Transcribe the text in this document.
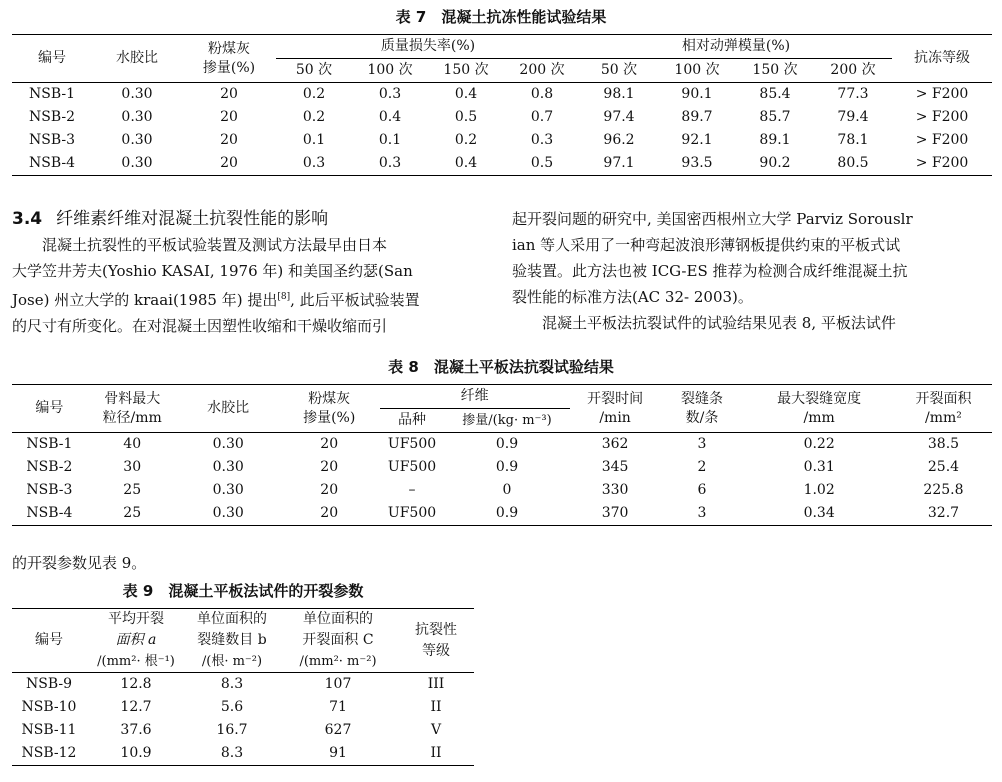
表 7　混凝土抗冻性能试验结果
编号	水胶比	粉煤灰
掺量(%)	质量损失率(%)				相对动弹模量(%)				抗冻等级
			50 次	100 次	150 次	200 次	50 次	100 次	150 次	200 次	
NSB-1	0.30	20	0.2	0.3	0.4	0.8	98.1	90.1	85.4	77.3	> F200
NSB-2	0.30	20	0.2	0.4	0.5	0.7	97.4	89.7	85.7	79.4	> F200
NSB-3	0.30	20	0.1	0.1	0.2	0.3	96.2	92.1	89.1	78.1	> F200
NSB-4	0.30	20	0.3	0.3	0.4	0.5	97.1	93.5	90.2	80.5	> F200
3.4 纤维素纤维对混凝土抗裂性能的影响
　　混凝土抗裂性的平板试验装置及测试方法最早由日本
大学笠井芳夫(Yoshio KASAI, 1976 年) 和美国圣约瑟(San
Jose) 州立大学的 kraai(1985 年) 提出[8], 此后平板试验装置
的尺寸有所变化。在对混凝土因塑性收缩和干燥收缩而引
起开裂问题的研究中, 美国密西根州立大学 Parviz Sorouslr
ian 等人采用了一种弯起波浪形薄钢板提供约束的平板式试
验装置。此方法也被 ICG-ES 推荐为检测合成纤维混凝土抗
裂性能的标准方法(AC 32- 2003)。
　　混凝土平板法抗裂试件的试验结果见表 8, 平板法试件
表 8　混凝土平板法抗裂试验结果
编号	骨料最大
粒径/mm	水胶比	粉煤灰
掺量(%)	纤维		开裂时间
/min	裂缝条
数/条	最大裂缝宽度
/mm	开裂面积
/mm²
				品种	掺量/(kg· m⁻³)				
NSB-1	40	0.30	20	UF500	0.9	362	3	0.22	38.5
NSB-2	30	0.30	20	UF500	0.9	345	2	0.31	25.4
NSB-3	25	0.30	20	–	0	330	6	1.02	225.8
NSB-4	25	0.30	20	UF500	0.9	370	3	0.34	32.7
的开裂参数见表 9。
表 9　混凝土平板法试件的开裂参数
编号	平均开裂
面积 a
/(mm²· 根⁻¹)	单位面积的
裂缝数目 b
/(根· m⁻²)	单位面积的
开裂面积 C
/(mm²· m⁻²)	抗裂性
等级
NSB-9	12.8	8.3	107	III
NSB-10	12.7	5.6	71	II
NSB-11	37.6	16.7	627	V
NSB-12	10.9	8.3	91	II
